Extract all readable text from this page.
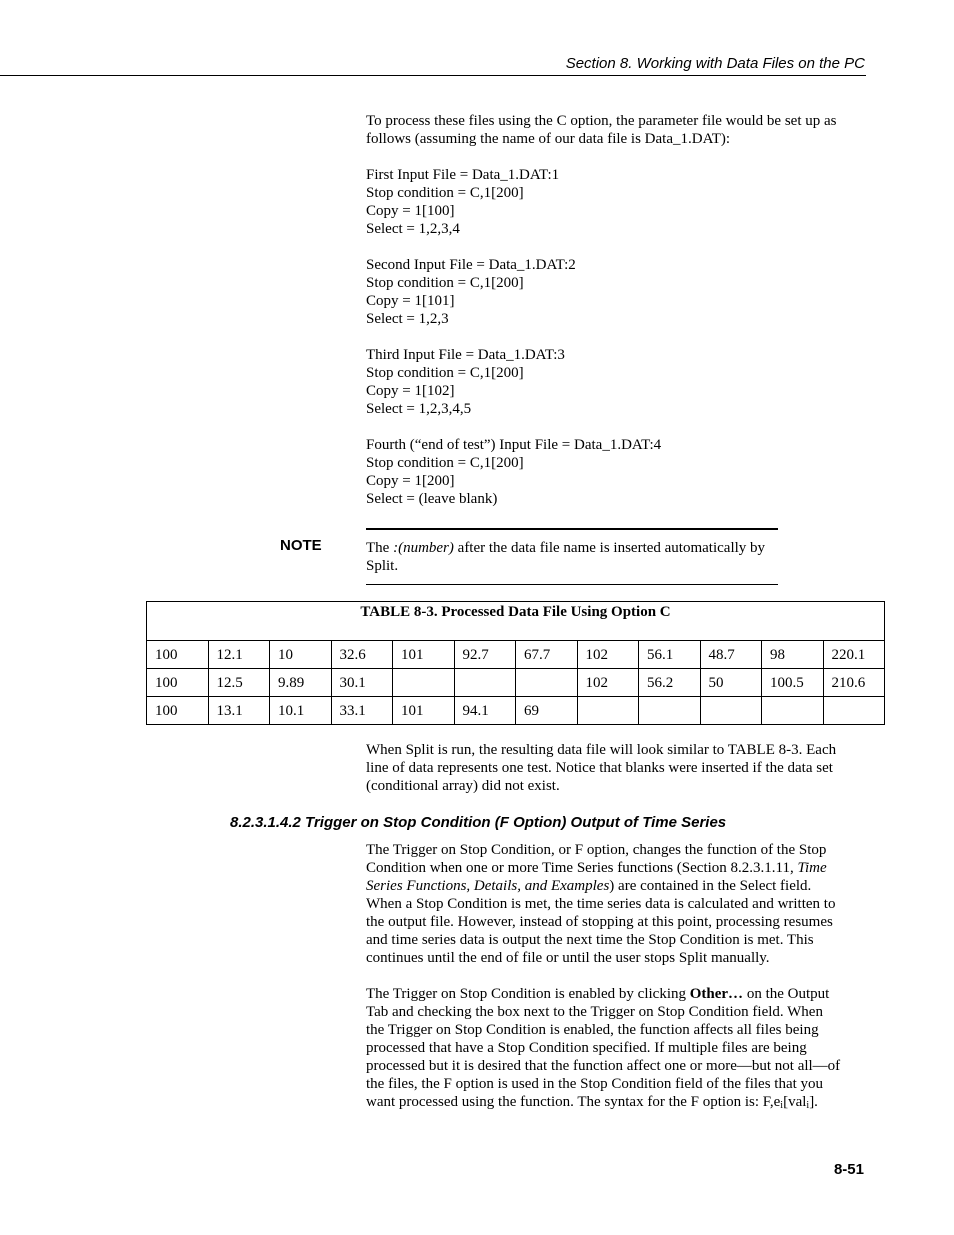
Section 8. Working with Data Files on the PC

To process these files using the C option, the parameter file would be set up as

follows (assuming the name of our data file is Data_1.DAT):

First Input File = Data_1.DAT:1

Stop condition = C,1[200]

Copy = 1[100]

Select = 1,2,3,4

Second Input File = Data_1.DAT:2

Stop condition = C,1[200]

Copy = 1[101]

Select = 1,2,3

Third Input File = Data_1.DAT:3

Stop condition = C,1[200]

Copy = 1[102]

Select = 1,2,3,4,5

Fourth (“end of test”) Input File = Data_1.DAT:4

Stop condition = C,1[200]

Copy = 1[200]

Select = (leave blank)

NOTE	The :(number) after the data file name is inserted automatically by

Split.

TABLE 8-3. Processed Data File Using Option C											
100	12.1	10	32.6	101	92.7	67.7	102	56.1	48.7	98	220.1
100	12.5	9.89	30.1				102	56.2	50	100.5	210.6
100	13.1	10.1	33.1	101	94.1	69					

When Split is run, the resulting data file will look similar to TABLE 8-3. Each

line of data represents one test. Notice that blanks were inserted if the data set

(conditional array) did not exist.

8.2.3.1.4.2 Trigger on Stop Condition (F Option) Output of Time Series

The Trigger on Stop Condition, or F option, changes the function of the Stop

Condition when one or more Time Series functions (Section 8.2.3.1.11, Time

Series Functions, Details, and Examples) are contained in the Select field.

When a Stop Condition is met, the time series data is calculated and written to

the output file. However, instead of stopping at this point, processing resumes

and time series data is output the next time the Stop Condition is met. This

continues until the end of file or until the user stops Split manually.

The Trigger on Stop Condition is enabled by clicking Other… on the Output

Tab and checking the box next to the Trigger on Stop Condition field. When

the Trigger on Stop Condition is enabled, the function affects all files being

processed that have a Stop Condition specified. If multiple files are being

processed but it is desired that the function affect one or more—but not all—of

the files, the F option is used in the Stop Condition field of the files that you

want processed using the function. The syntax for the F option is: $F,e_i[val_i]$.

8-51
